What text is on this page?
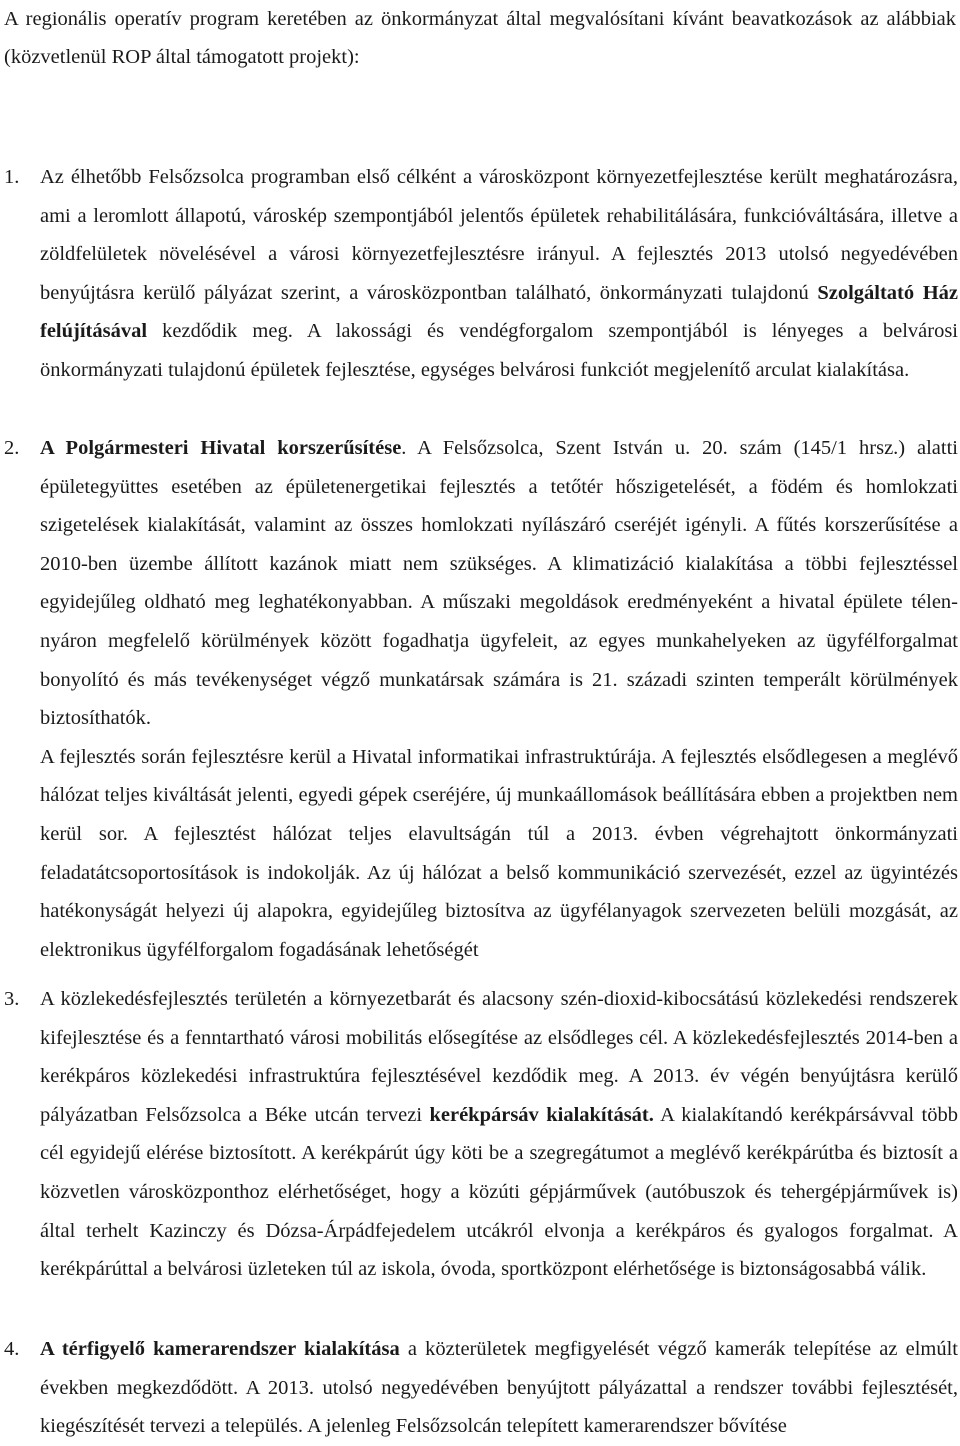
A regionális operatív program keretében az önkormányzat által megvalósítani kívánt beavatkozások az alábbiak (közvetlenül ROP által támogatott projekt):

1. Az élhetőbb Felsőzsolca programban első célként a városközpont környezetfejlesztése került meghatározásra, ami a leromlott állapotú, városkép szempontjából jelentős épületek rehabilitálására, funkcióváltására, illetve a zöldfelületek növelésével a városi környezetfejlesztésre irányul. A fejlesztés 2013 utolsó negyedévében benyújtásra kerülő pályázat szerint, a városközpontban található, önkormányzati tulajdonú Szolgáltató Ház felújításával kezdődik meg. A lakossági és vendégforgalom szempontjából is lényeges a belvárosi önkormányzati tulajdonú épületek fejlesztése, egységes belvárosi funkciót megjelenítő arculat kialakítása.

2. A Polgármesteri Hivatal korszerűsítése. A Felsőzsolca, Szent István u. 20. szám (145/1 hrsz.) alatti épületegyüttes esetében az épületenergetikai fejlesztés a tetőtér hőszigetelését, a födém és homlokzati szigetelések kialakítását, valamint az összes homlokzati nyílászáró cseréjét igényli. A fűtés korszerűsítése a 2010-ben üzembe állított kazánok miatt nem szükséges. A klimatizáció kialakítása a többi fejlesztéssel egyidejűleg oldható meg leghatékonyabban. A műszaki megoldások eredményeként a hivatal épülete télen-nyáron megfelelő körülmények között fogadhatja ügyfeleit, az egyes munkahelyeken az ügyfélforgalmat bonyolító és más tevékenységet végző munkatársak számára is 21. századi szinten temperált körülmények biztosíthatók.

A fejlesztés során fejlesztésre kerül a Hivatal informatikai infrastruktúrája. A fejlesztés elsődlegesen a meglévő hálózat teljes kiváltását jelenti, egyedi gépek cseréjére, új munkaállomások beállítására ebben a projektben nem kerül sor. A fejlesztést hálózat teljes elavultságán túl a 2013. évben végrehajtott önkormányzati feladatátcsoportosítások is indokolják. Az új hálózat a belső kommunikáció szervezését, ezzel az ügyintézés hatékonyságát helyezi új alapokra, egyidejűleg biztosítva az ügyfélanyagok szervezeten belüli mozgását, az elektronikus ügyfélforgalom fogadásának lehetőségét

3. A közlekedésfejlesztés területén a környezetbarát és alacsony szén-dioxid-kibocsátású közlekedési rendszerek kifejlesztése és a fenntartható városi mobilitás elősegítése az elsődleges cél. A közlekedésfejlesztés 2014-ben a kerékpáros közlekedési infrastruktúra fejlesztésével kezdődik meg. A 2013. év végén benyújtásra kerülő pályázatban Felsőzsolca a Béke utcán tervezi kerékpársáv kialakítását. A kialakítandó kerékpársávval több cél egyidejű elérése biztosított. A kerékpárút úgy köti be a szegregátumot a meglévő kerékpárútba és biztosít a közvetlen városközponthoz elérhetőséget, hogy a közúti gépjárművek (autóbuszok és tehergépjárművek is) által terhelt Kazinczy és Dózsa-Árpádfejedelem utcákról elvonja a kerékpáros és gyalogos forgalmat. A kerékpárúttal a belvárosi üzleteken túl az iskola, óvoda, sportközpont elérhetősége is biztonságosabbá válik.

4. A térfigyelő kamerarendszer kialakítása a közterületek megfigyelését végző kamerák telepítése az elmúlt években megkezdődött. A 2013. utolsó negyedévében benyújtott pályázattal a rendszer további fejlesztését, kiegészítését tervezi a település. A jelenleg Felsőzsolcán telepített kamerarendszer bővítése
